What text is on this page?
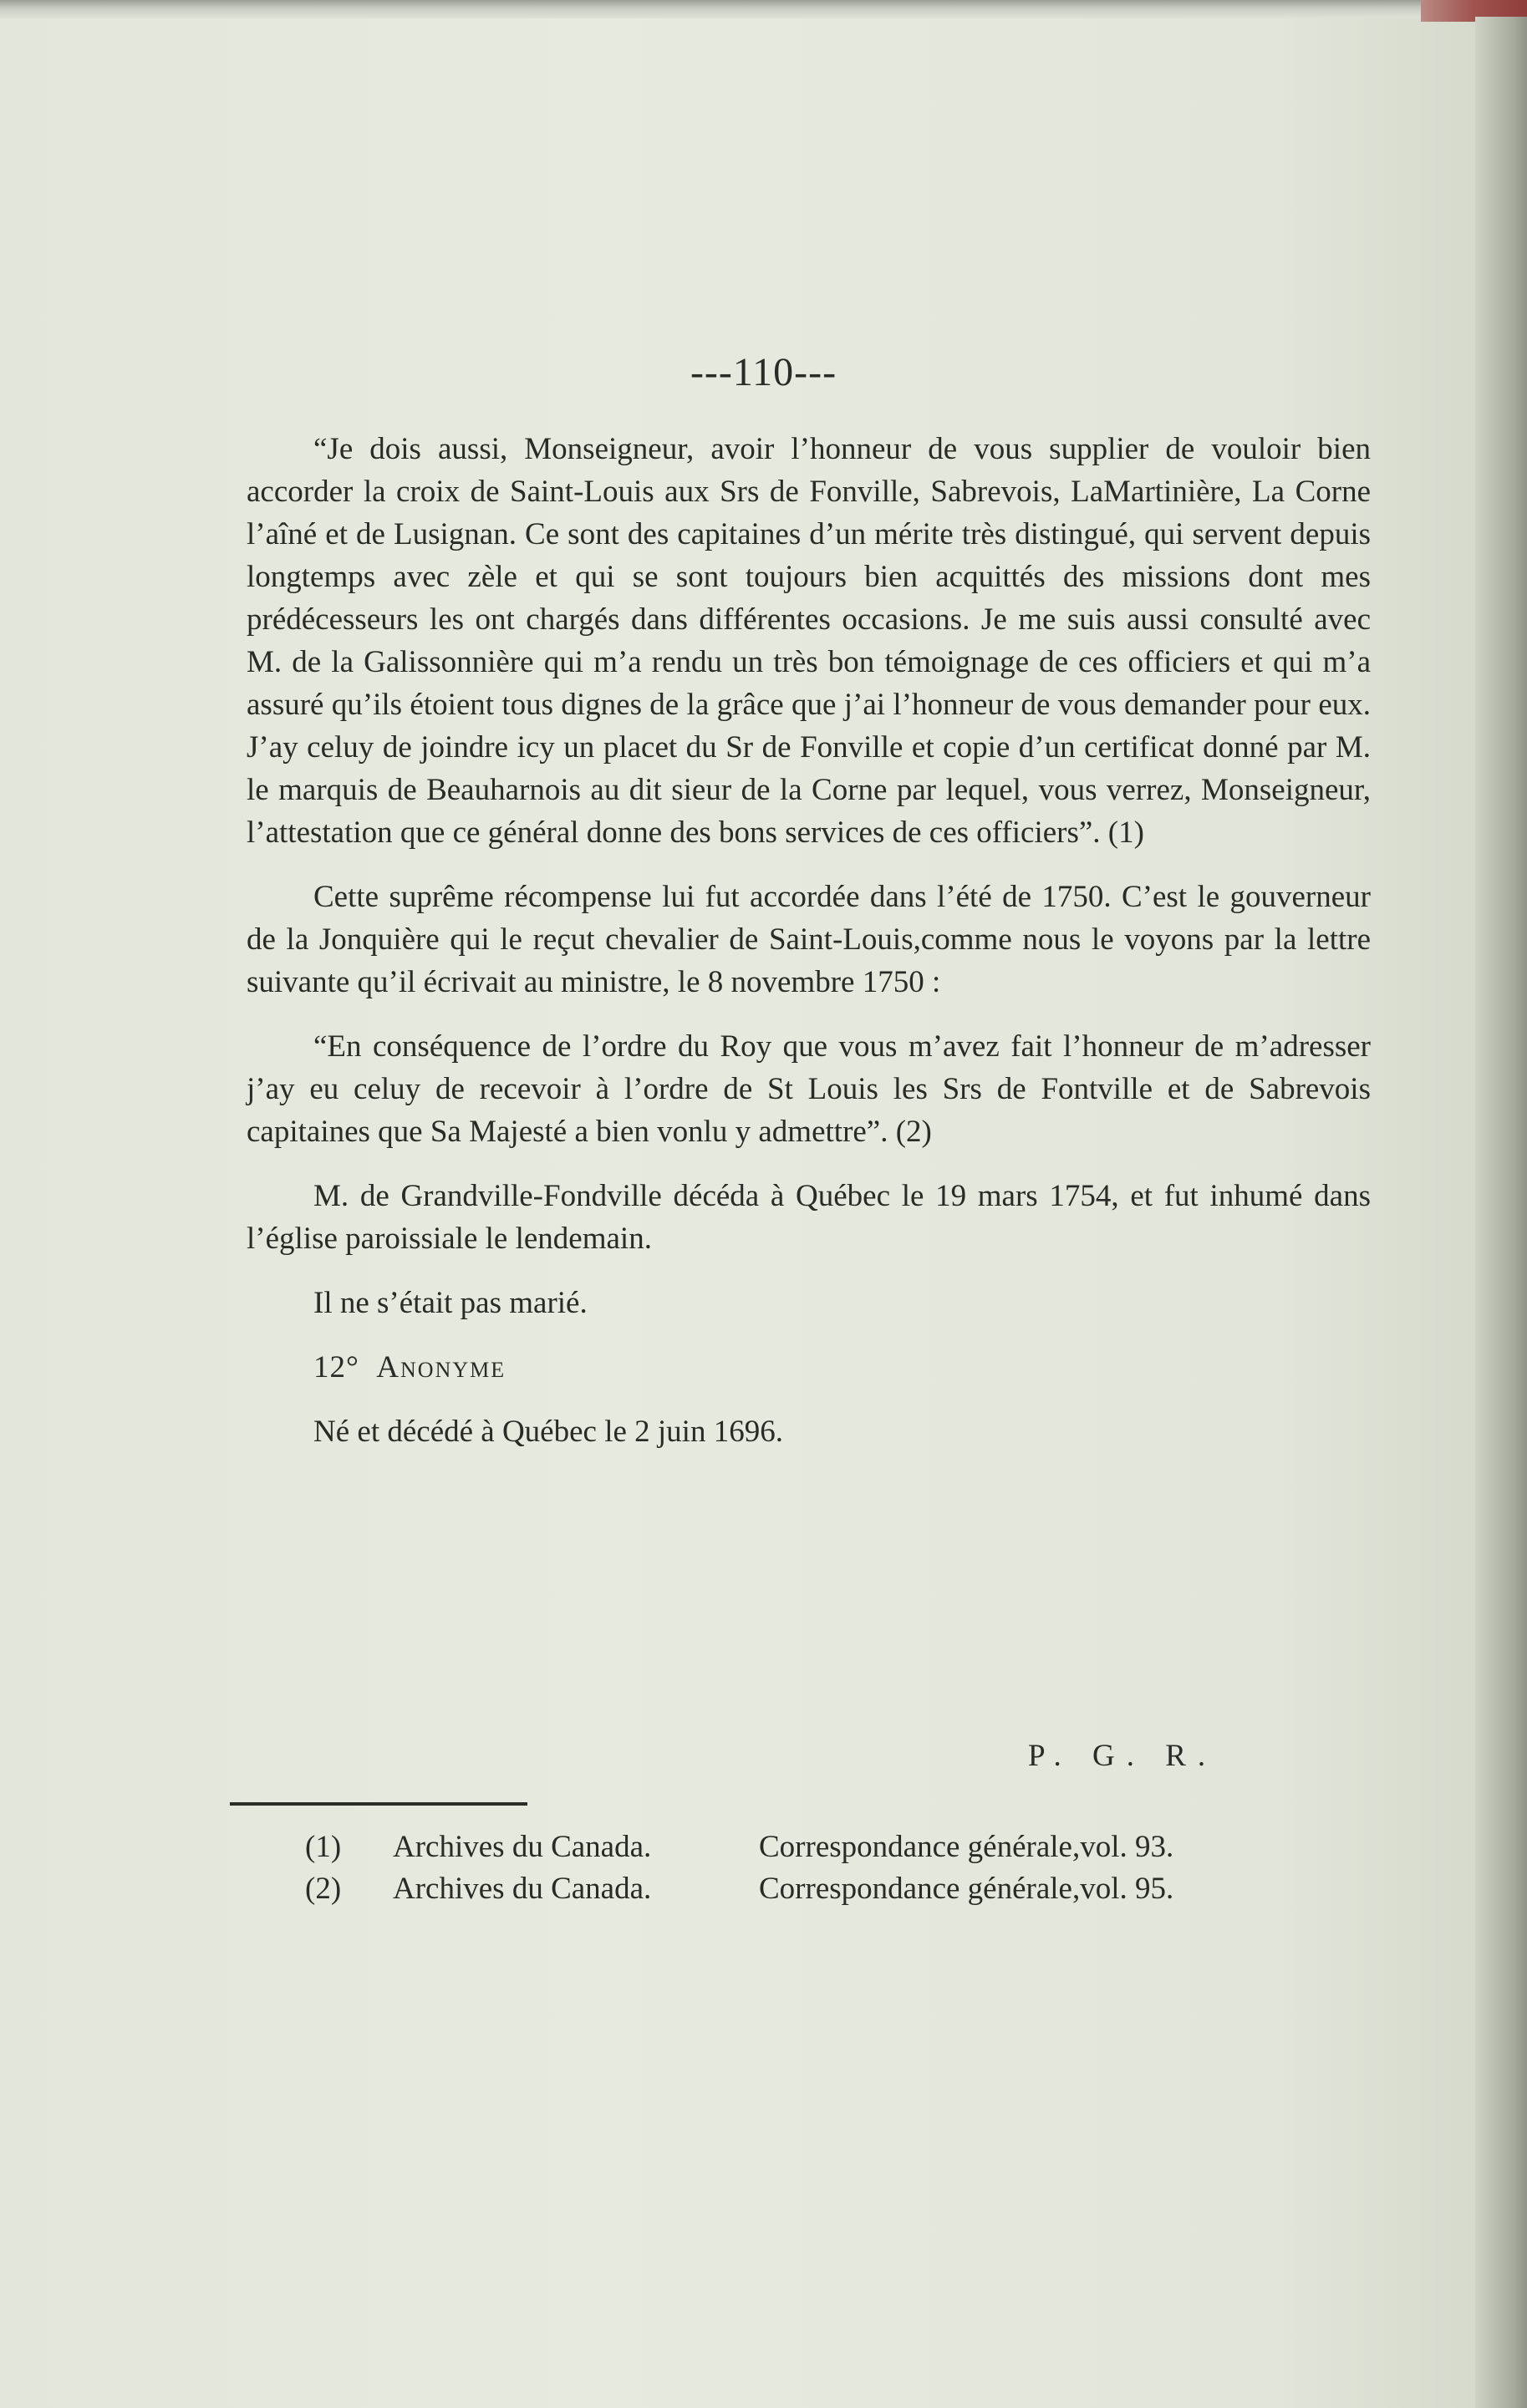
---110---

“Je dois aussi, Monseigneur, avoir l’honneur de vous supplier de vouloir bien accorder la croix de Saint-Louis aux Srs de Fonville, Sabrevois, LaMartinière, La Corne l’aîné et de Lusignan. Ce sont des capitaines d’un mérite très distingué, qui servent depuis longtemps avec zèle et qui se sont toujours bien acquittés des missions dont mes prédécesseurs les ont chargés dans différentes occasions. Je me suis aussi consulté avec M. de la Galissonnière qui m’a rendu un très bon témoignage de ces officiers et qui m’a assuré qu’ils étoient tous dignes de la grâce que j’ai l’honneur de vous demander pour eux. J’ay celuy de joindre icy un placet du Sr de Fonville et copie d’un certificat donné par M. le marquis de Beauharnois au dit sieur de la Corne par lequel, vous verrez, Monseigneur, l’attestation que ce général donne des bons services de ces officiers”. (1)

Cette suprême récompense lui fut accordée dans l’été de 1750. C’est le gouverneur de la Jonquière qui le reçut chevalier de Saint-Louis,comme nous le voyons par la lettre suivante qu’il écrivait au ministre, le 8 novembre 1750 :

“En conséquence de l’ordre du Roy que vous m’avez fait l’honneur de m’adresser j’ay eu celuy de recevoir à l’ordre de St Louis les Srs de Fontville et de Sabrevois capitaines que Sa Majesté a bien vonlu y admettre”. (2)

M. de Grandville-Fondville décéda à Québec le 19 mars 1754, et fut inhumé dans l’église paroissiale le lendemain.

Il ne s’était pas marié.

12° Anonyme

Né et décédé à Québec le 2 juin 1696.

P. G. R.
(1) Archives du Canada.	Correspondance générale,vol. 93.
(2) Archives du Canada.	Correspondance générale,vol. 95.
